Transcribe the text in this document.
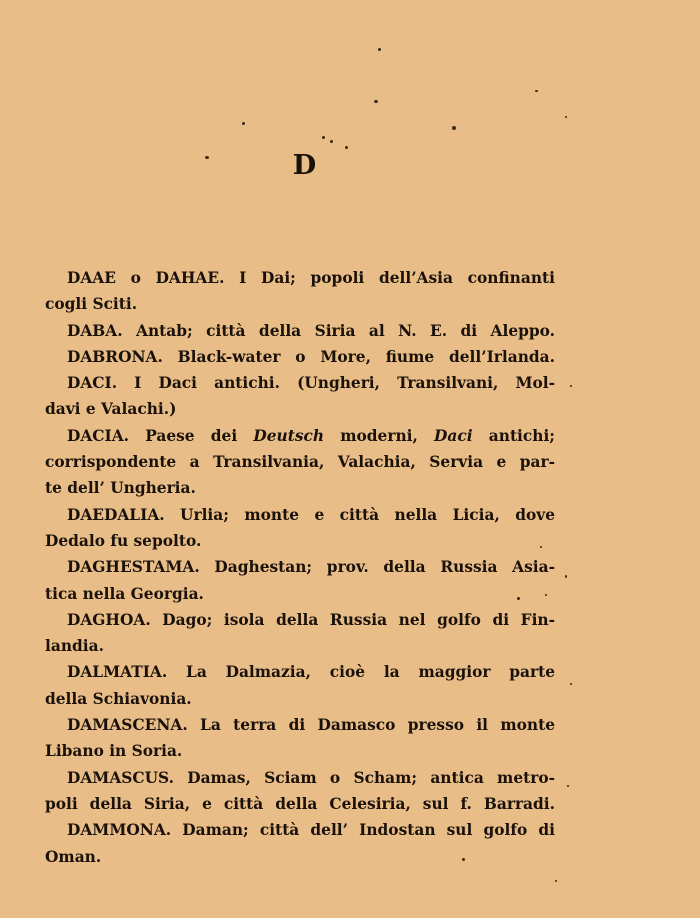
D
DAAE o DAHAE. I Dai; popoli dell’Asia confinanti
cogli Sciti.
DABA. Antab; città della Siria al N. E. di Aleppo.
DABRONA. Black-water o More, fiume dell’Irlanda.
DACI. I Daci antichi. (Ungheri, Transilvani, Mol-
davi e Valachi.)
DACIA. Paese dei Deutsch moderni, Daci antichi;
corrispondente a Transilvania, Valachia, Servia e par-
te dell’ Ungheria.
DAEDALIA. Urlia; monte e città nella Licia, dove
Dedalo fu sepolto.
DAGHESTAMA. Daghestan; prov. della Russia Asia-
tica nella Georgia.
DAGHOA. Dago; isola della Russia nel golfo di Fin-
landia.
DALMATIA. La Dalmazia, cioè la maggior parte
della Schiavonia.
DAMASCENA. La terra di Damasco presso il monte
Libano in Soria.
DAMASCUS. Damas, Sciam o Scham; antica metro-
poli della Siria, e città della Celesiria, sul f. Barradi.
DAMMONA. Daman; città dell’ Indostan sul golfo di
Oman.
